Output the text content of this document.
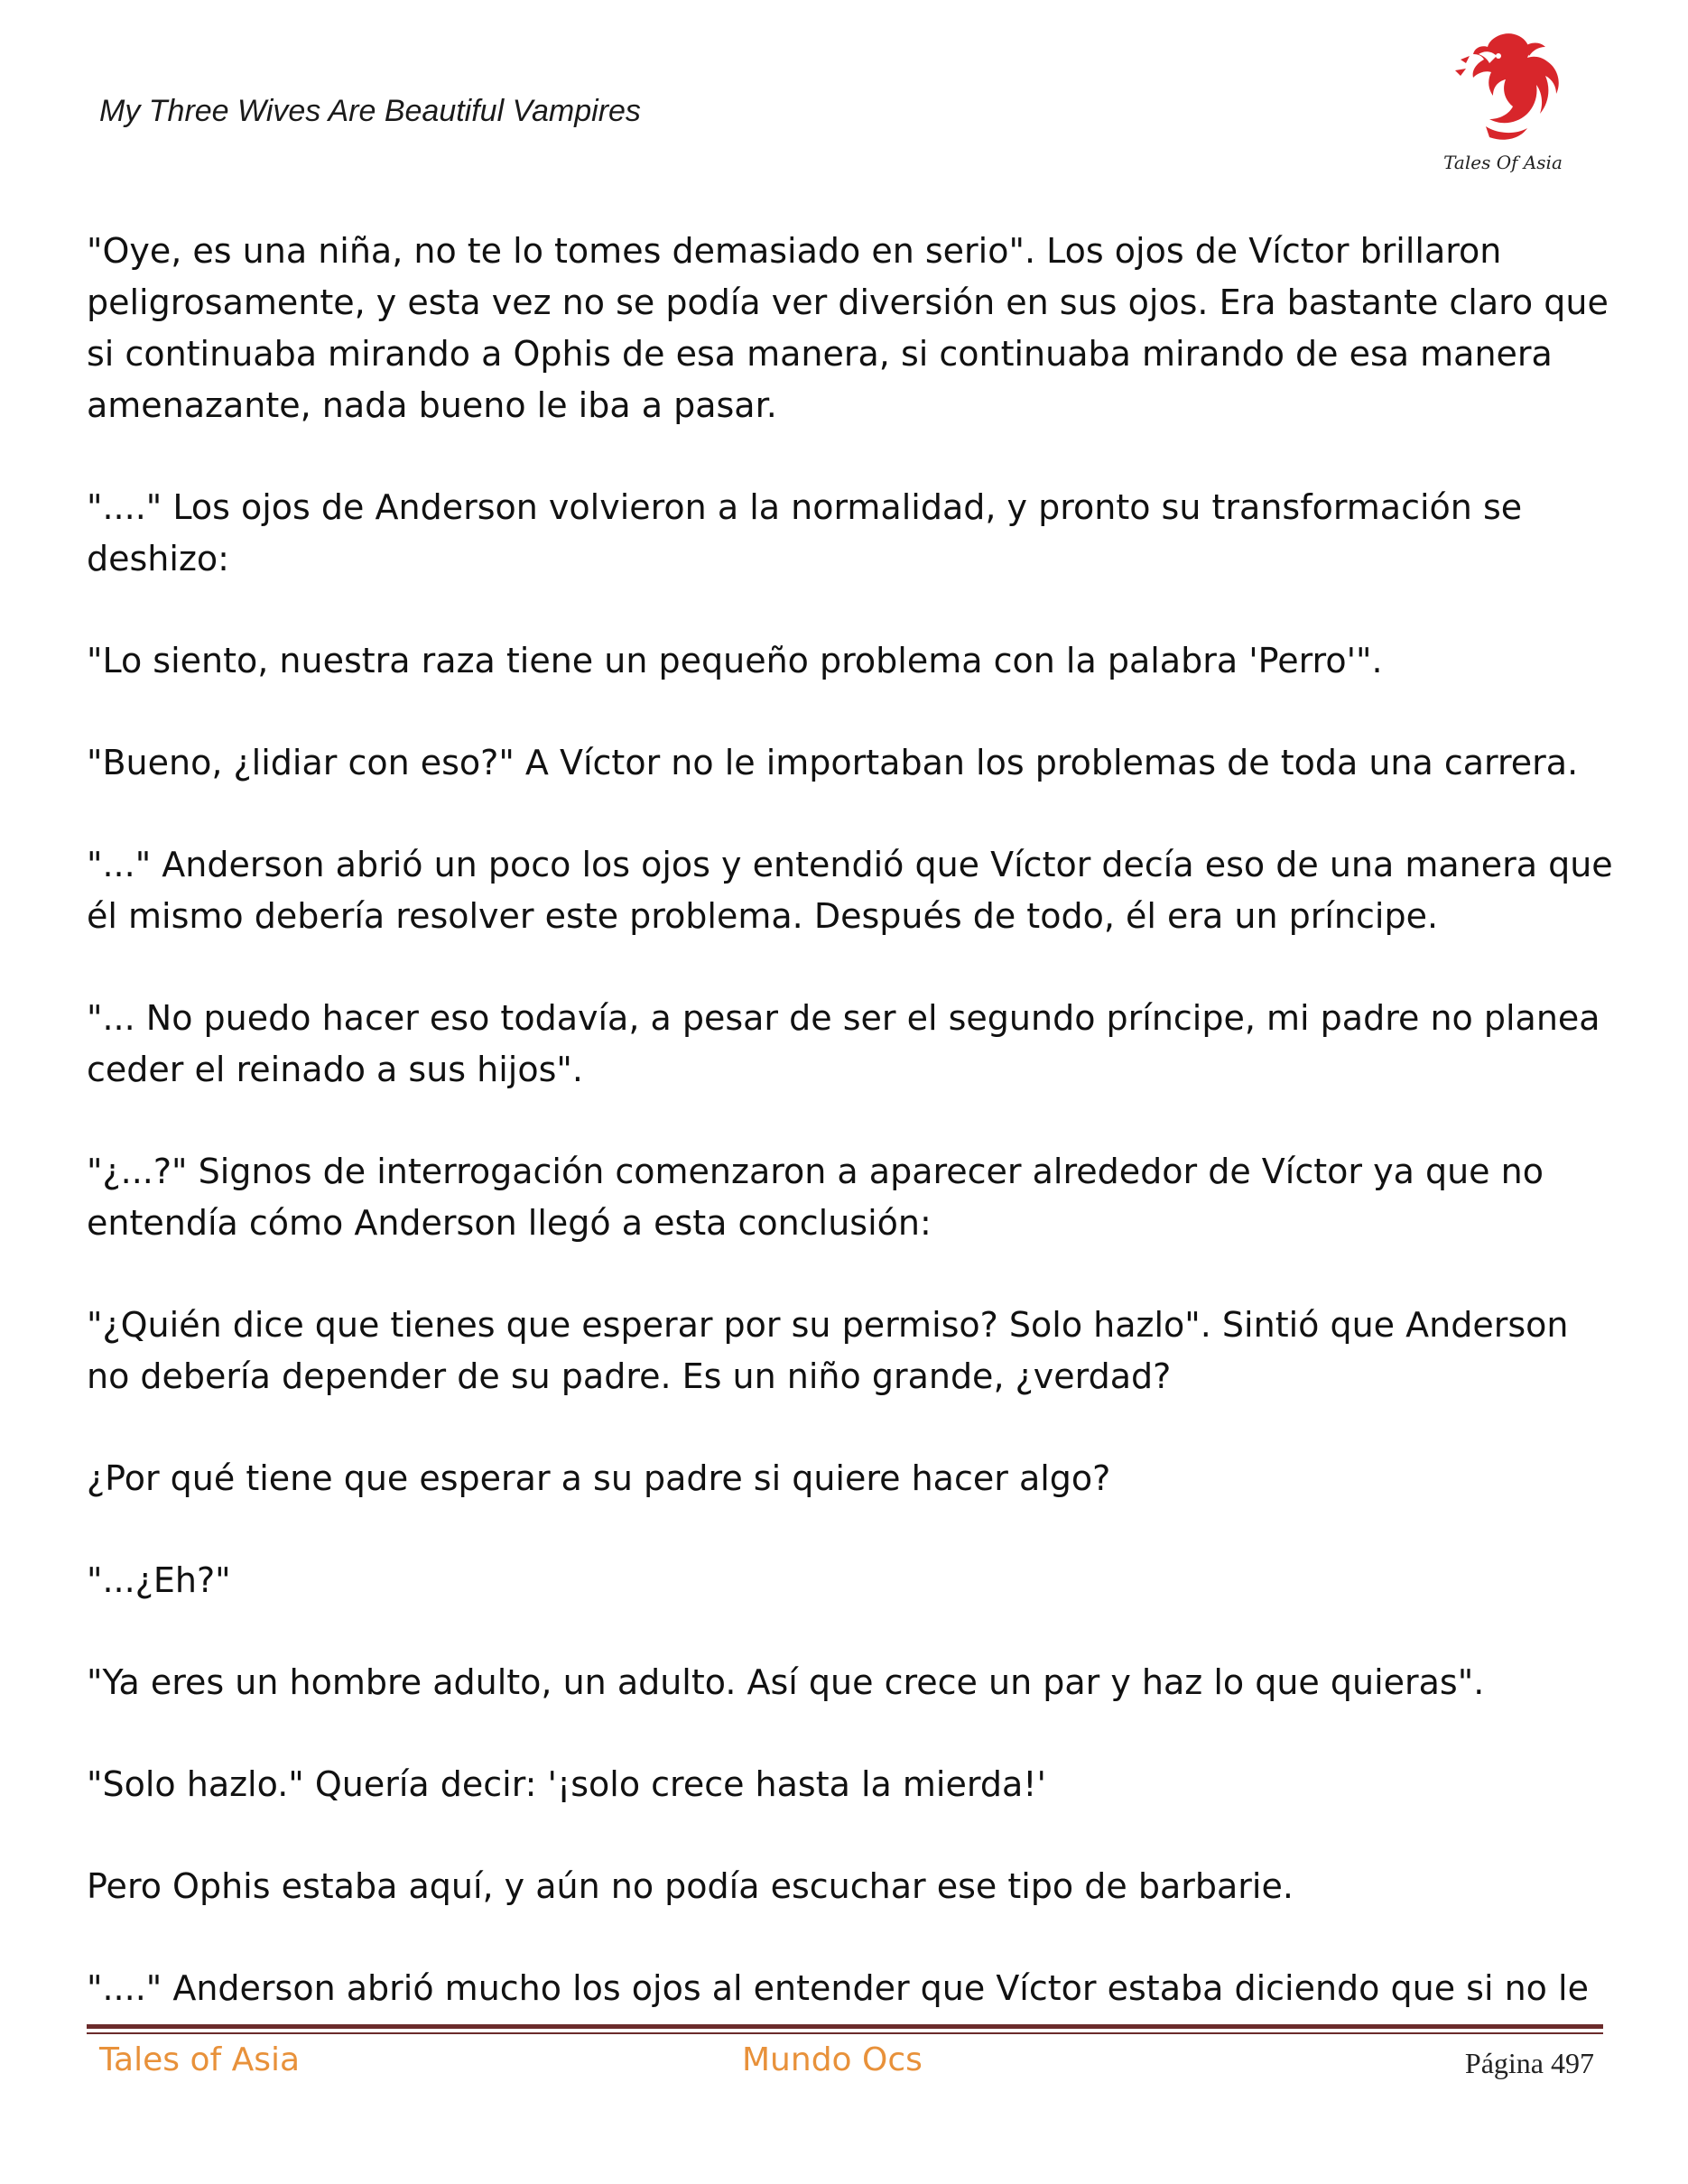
My Three Wives Are Beautiful Vampires
Tales Of Asia

"Oye, es una niña, no te lo tomes demasiado en serio". Los ojos de Víctor brillaron peligrosamente, y esta vez no se podía ver diversión en sus ojos. Era bastante claro que si continuaba mirando a Ophis de esa manera, si continuaba mirando de esa manera amenazante, nada bueno le iba a pasar.

"...." Los ojos de Anderson volvieron a la normalidad, y pronto su transformación se deshizo:

"Lo siento, nuestra raza tiene un pequeño problema con la palabra 'Perro'".

"Bueno, ¿lidiar con eso?" A Víctor no le importaban los problemas de toda una carrera.

"..." Anderson abrió un poco los ojos y entendió que Víctor decía eso de una manera que él mismo debería resolver este problema. Después de todo, él era un príncipe.

"... No puedo hacer eso todavía, a pesar de ser el segundo príncipe, mi padre no planea ceder el reinado a sus hijos".

"¿...?" Signos de interrogación comenzaron a aparecer alrededor de Víctor ya que no entendía cómo Anderson llegó a esta conclusión:

"¿Quién dice que tienes que esperar por su permiso? Solo hazlo". Sintió que Anderson no debería depender de su padre. Es un niño grande, ¿verdad?

¿Por qué tiene que esperar a su padre si quiere hacer algo?

"...¿Eh?"

"Ya eres un hombre adulto, un adulto. Así que crece un par y haz lo que quieras".

"Solo hazlo." Quería decir: '¡solo crece hasta la mierda!'

Pero Ophis estaba aquí, y aún no podía escuchar ese tipo de barbarie.

"...." Anderson abrió mucho los ojos al entender que Víctor estaba diciendo que si no le

Tales of Asia	Mundo Ocs	Página 497
